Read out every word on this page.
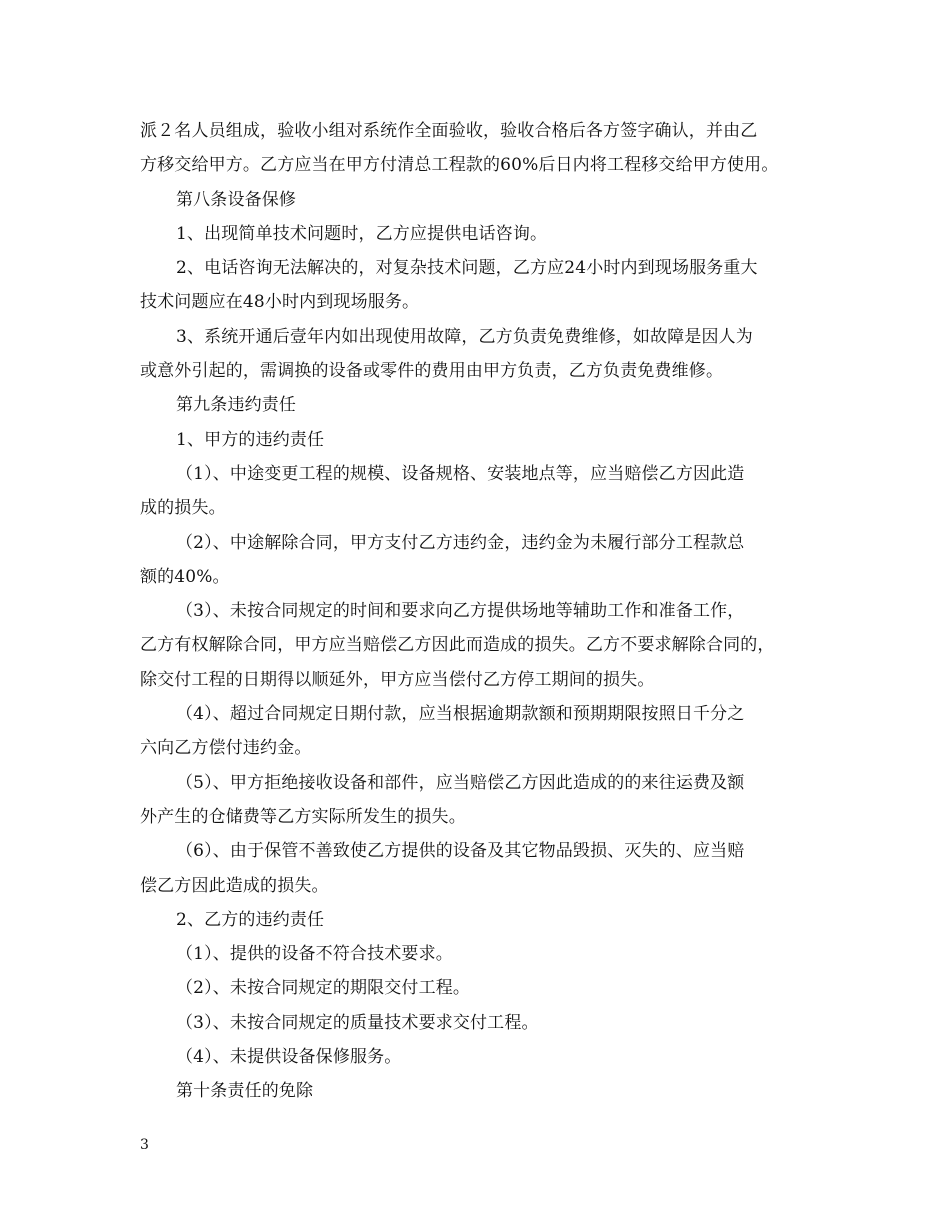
派２名人员组成，验收小组对系统作全面验收，验收合格后各方签字确认，并由乙
方移交给甲方。乙方应当在甲方付清总工程款的60%后日内将工程移交给甲方使用。
第八条设备保修
1、出现简单技术问题时，乙方应提供电话咨询。
2、电话咨询无法解决的，对复杂技术问题，乙方应24小时内到现场服务重大
技术问题应在48小时内到现场服务。
3、系统开通后壹年内如出现使用故障，乙方负责免费维修，如故障是因人为
或意外引起的，需调换的设备或零件的费用由甲方负责，乙方负责免费维修。
第九条违约责任
1、甲方的违约责任
（1）、中途变更工程的规模、设备规格、安装地点等，应当赔偿乙方因此造
成的损失。
（2）、中途解除合同，甲方支付乙方违约金，违约金为未履行部分工程款总
额的40%。
（3）、未按合同规定的时间和要求向乙方提供场地等辅助工作和准备工作，
乙方有权解除合同，甲方应当赔偿乙方因此而造成的损失。乙方不要求解除合同的，
除交付工程的日期得以顺延外，甲方应当偿付乙方停工期间的损失。
（4）、超过合同规定日期付款，应当根据逾期款额和预期期限按照日千分之
六向乙方偿付违约金。
（5）、甲方拒绝接收设备和部件，应当赔偿乙方因此造成的的来往运费及额
外产生的仓储费等乙方实际所发生的损失。
（6）、由于保管不善致使乙方提供的设备及其它物品毁损、灭失的、应当赔
偿乙方因此造成的损失。
2、乙方的违约责任
（1）、提供的设备不符合技术要求。
（2）、未按合同规定的期限交付工程。
（3）、未按合同规定的质量技术要求交付工程。
（4）、未提供设备保修服务。
第十条责任的免除
3
